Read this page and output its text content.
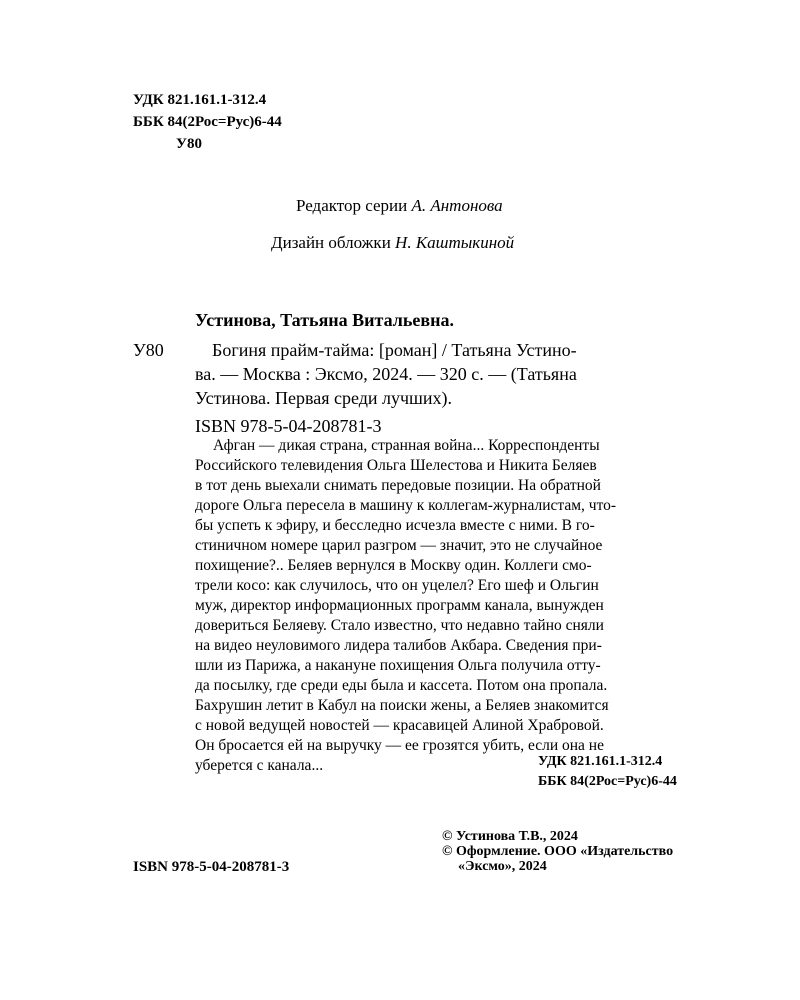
УДК 821.161.1-312.4
ББК 84(2Рос=Рус)6-44
У80
Редактор серии А. Антонова
Дизайн обложки Н. Каштыкиной
Устинова, Татьяна Витальевна.
У80	Богиня прайм-тайма: [роман] / Татьяна Устино-
ва. — Москва : Эксмо, 2024. — 320 с. — (Татьяна
Устинова. Первая среди лучших).
ISBN 978-5-04-208781-3
Афган — дикая страна, странная война... Корреспонденты
Российского телевидения Ольга Шелестова и Никита Беляев
в тот день выехали снимать передовые позиции. На обратной
дороге Ольга пересела в машину к коллегам-журналистам, что-
бы успеть к эфиру, и бесследно исчезла вместе с ними. В го-
стиничном номере царил разгром — значит, это не случайное
похищение?.. Беляев вернулся в Москву один. Коллеги смо-
трели косо: как случилось, что он уцелел? Его шеф и Ольгин
муж, директор информационных программ канала, вынужден
довериться Беляеву. Стало известно, что недавно тайно сняли
на видео неуловимого лидера талибов Акбара. Сведения при-
шли из Парижа, а накануне похищения Ольга получила отту-
да посылку, где среди еды была и кассета. Потом она пропала.
Бахрушин летит в Кабул на поиски жены, а Беляев знакомится
с новой ведущей новостей — красавицей Алиной Храбровой.
Он бросается ей на выручку — ее грозятся убить, если она не
уберется с канала...	УДК 821.161.1-312.4
ББК 84(2Рос=Рус)6-44
© Устинова Т.В., 2024
© Оформление. ООО «Издательство
«Эксмо», 2024
ISBN 978-5-04-208781-3
